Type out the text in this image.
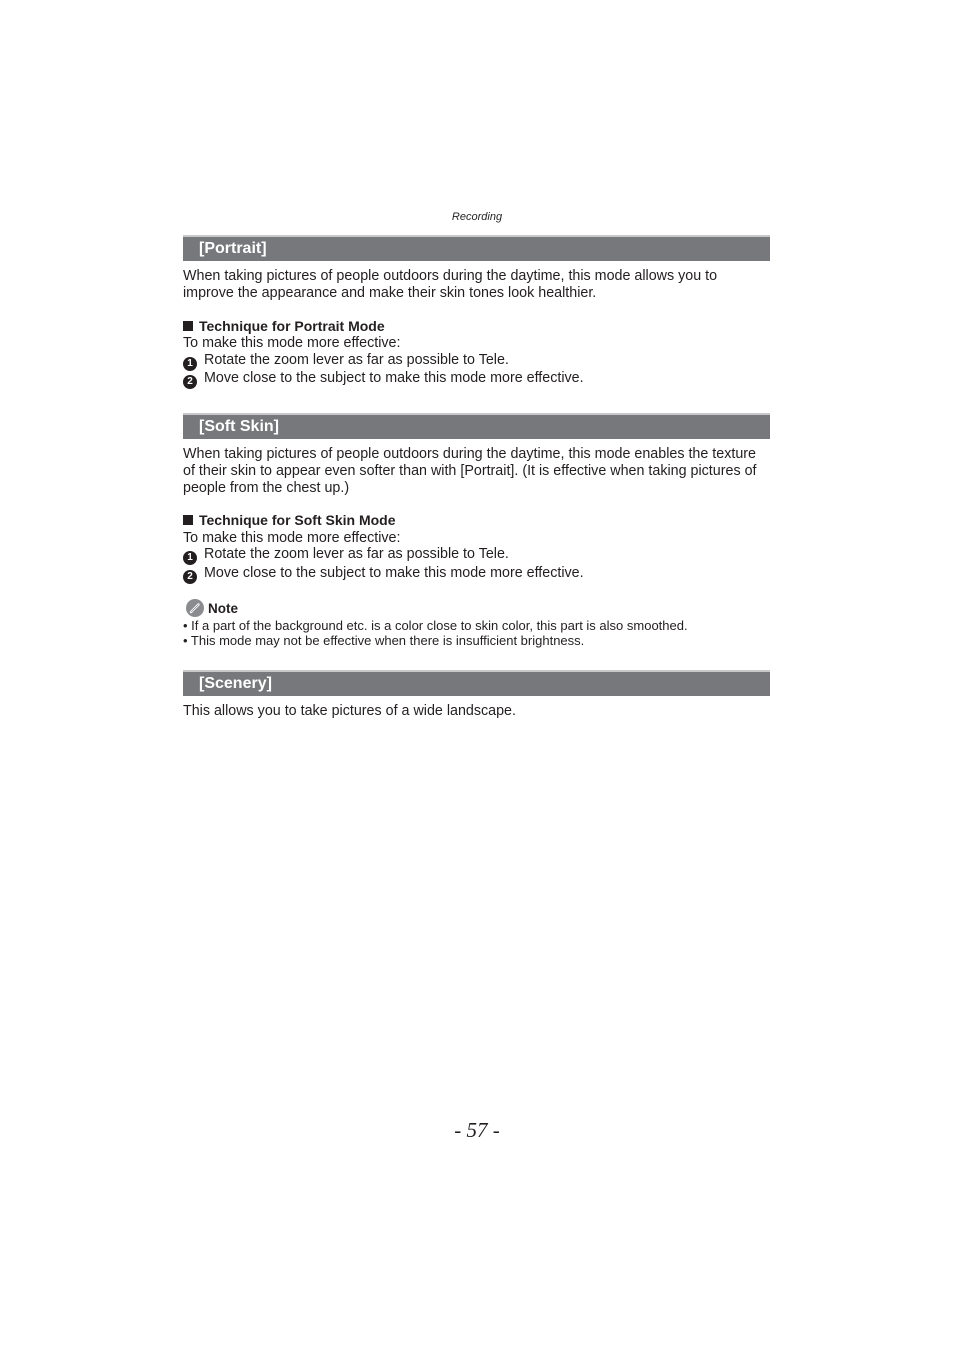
Recording
[Portrait]
When taking pictures of people outdoors during the daytime, this mode allows you to improve the appearance and make their skin tones look healthier.
Technique for Portrait Mode
To make this mode more effective:
1 Rotate the zoom lever as far as possible to Tele.
2 Move close to the subject to make this mode more effective.
[Soft Skin]
When taking pictures of people outdoors during the daytime, this mode enables the texture of their skin to appear even softer than with [Portrait]. (It is effective when taking pictures of people from the chest up.)
Technique for Soft Skin Mode
To make this mode more effective:
1 Rotate the zoom lever as far as possible to Tele.
2 Move close to the subject to make this mode more effective.
Note
• If a part of the background etc. is a color close to skin color, this part is also smoothed.
• This mode may not be effective when there is insufficient brightness.
[Scenery]
This allows you to take pictures of a wide landscape.
- 57 -
